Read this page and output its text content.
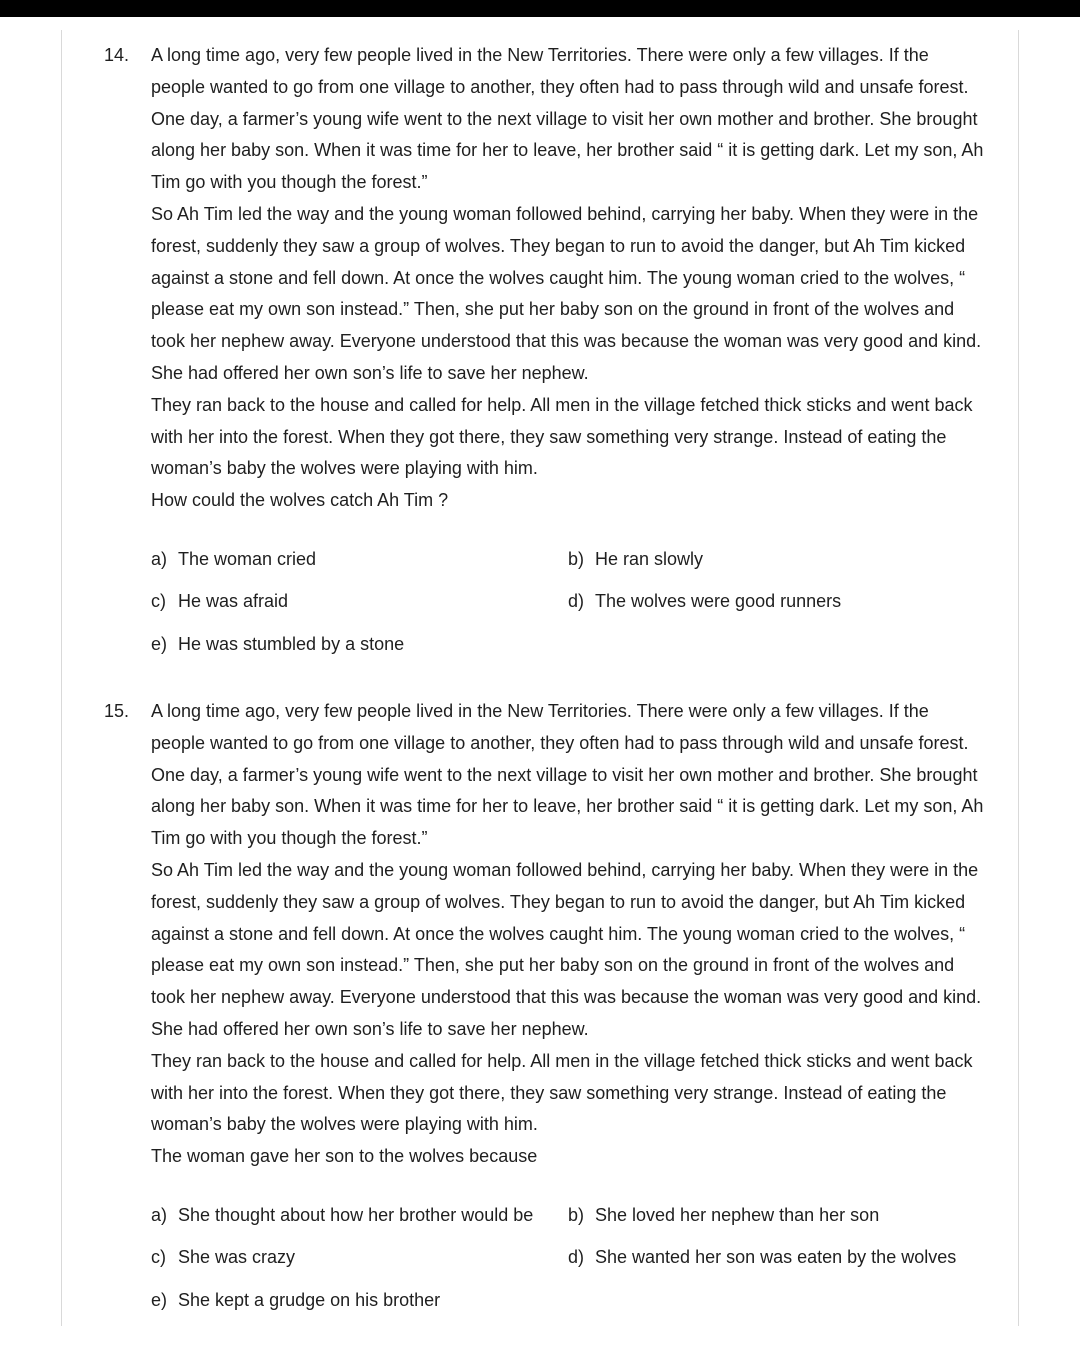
14. A long time ago, very few people lived in the New Territories. There were only a few villages. If the people wanted to go from one village to another, they often had to pass through wild and unsafe forest. One day, a farmer’s young wife went to the next village to visit her own mother and brother. She brought along her baby son. When it was time for her to leave, her brother said “ it is getting dark. Let my son, Ah Tim go with you though the forest.”

So Ah Tim led the way and the young woman followed behind, carrying her baby. When they were in the forest, suddenly they saw a group of wolves. They began to run to avoid the danger, but Ah Tim kicked against a stone and fell down. At once the wolves caught him. The young woman cried to the wolves, “ please eat my own son instead.” Then, she put her baby son on the ground in front of the wolves and took her nephew away. Everyone understood that this was because the woman was very good and kind. She had offered her own son’s life to save her nephew.

They ran back to the house and called for help. All men in the village fetched thick sticks and went back with her into the forest. When they got there, they saw something very strange. Instead of eating the woman’s baby the wolves were playing with him.

How could the wolves catch Ah Tim ?

a) The woman cried	b) He ran slowly
c) He was afraid	d) The wolves were good runners
e) He was stumbled by a stone
15. A long time ago, very few people lived in the New Territories. There were only a few villages. If the people wanted to go from one village to another, they often had to pass through wild and unsafe forest. One day, a farmer’s young wife went to the next village to visit her own mother and brother. She brought along her baby son. When it was time for her to leave, her brother said “ it is getting dark. Let my son, Ah Tim go with you though the forest.”

So Ah Tim led the way and the young woman followed behind, carrying her baby. When they were in the forest, suddenly they saw a group of wolves. They began to run to avoid the danger, but Ah Tim kicked against a stone and fell down. At once the wolves caught him. The young woman cried to the wolves, “ please eat my own son instead.” Then, she put her baby son on the ground in front of the wolves and took her nephew away. Everyone understood that this was because the woman was very good and kind. She had offered her own son’s life to save her nephew.

They ran back to the house and called for help. All men in the village fetched thick sticks and went back with her into the forest. When they got there, they saw something very strange. Instead of eating the woman’s baby the wolves were playing with him.

The woman gave her son to the wolves because

a) She thought about how her brother would be	b) She loved her nephew than her son
c) She was crazy	d) She wanted her son was eaten by the wolves
e) She kept a grudge on his brother
